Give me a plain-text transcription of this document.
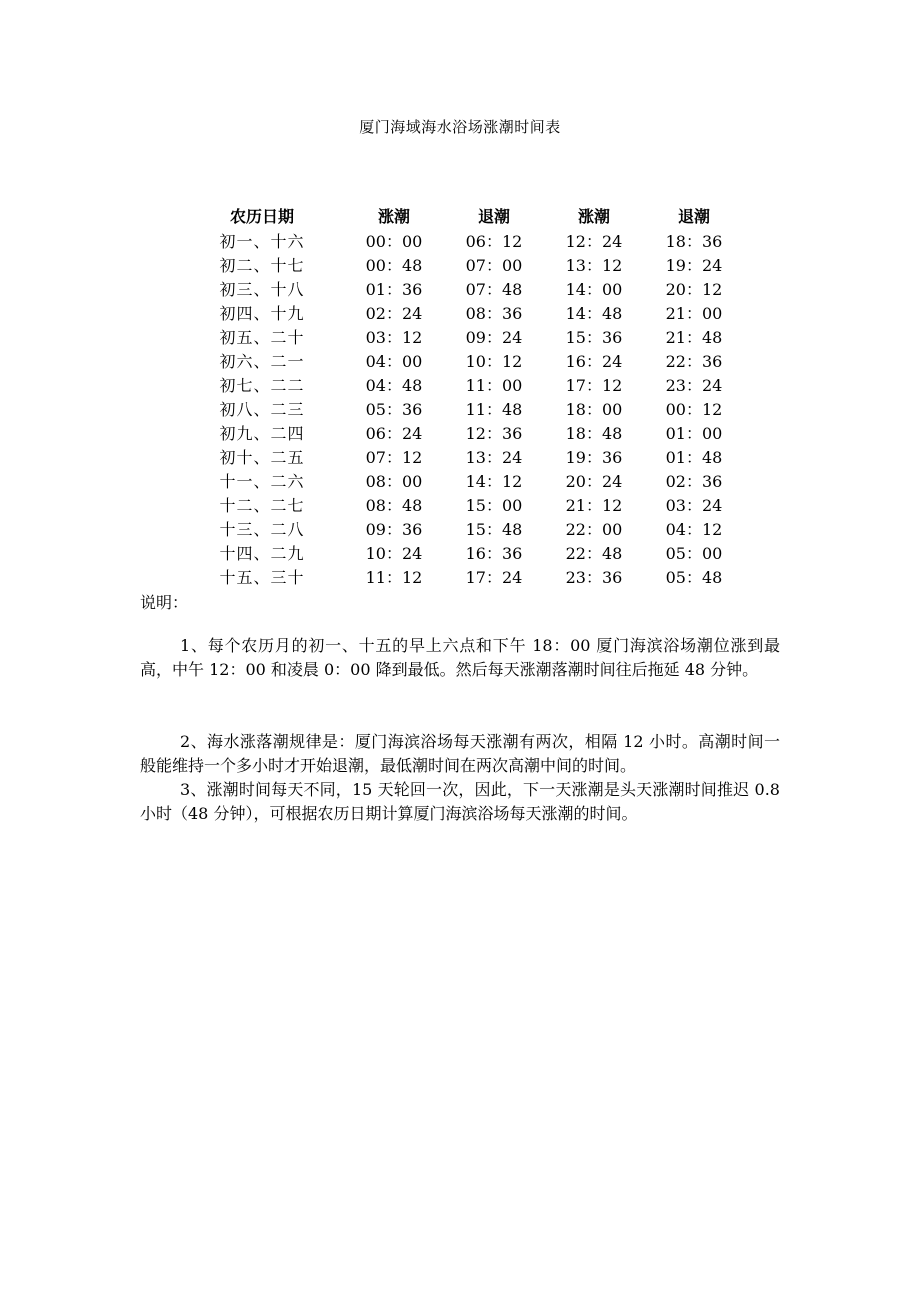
厦门海域海水浴场涨潮时间表
农历日期	涨潮	退潮	涨潮	退潮
初一、十六	00：00	06：12	12：24	18：36
初二、十七	00：48	07：00	13：12	19：24
初三、十八	01：36	07：48	14：00	20：12
初四、十九	02：24	08：36	14：48	21：00
初五、二十	03：12	09：24	15：36	21：48
初六、二一	04：00	10：12	16：24	22：36
初七、二二	04：48	11：00	17：12	23：24
初八、二三	05：36	11：48	18：00	00：12
初九、二四	06：24	12：36	18：48	01：00
初十、二五	07：12	13：24	19：36	01：48
十一、二六	08：00	14：12	20：24	02：36
十二、二七	08：48	15：00	21：12	03：24
十三、二八	09：36	15：48	22：00	04：12
十四、二九	10：24	16：36	22：48	05：00
十五、三十	11：12	17：24	23：36	05：48
说明：

1、每个农历月的初一、十五的早上六点和下午 18：00 厦门海滨浴场潮位涨到最高，中午 12：00 和凌晨 0：00 降到最低。然后每天涨潮落潮时间往后拖延 48 分钟。

2、海水涨落潮规律是：厦门海滨浴场每天涨潮有两次，相隔 12 小时。高潮时间一般能维持一个多小时才开始退潮，最低潮时间在两次高潮中间的时间。

3、涨潮时间每天不同，15 天轮回一次，因此，下一天涨潮是头天涨潮时间推迟 0.8 小时（48 分钟），可根据农历日期计算厦门海滨浴场每天涨潮的时间。
